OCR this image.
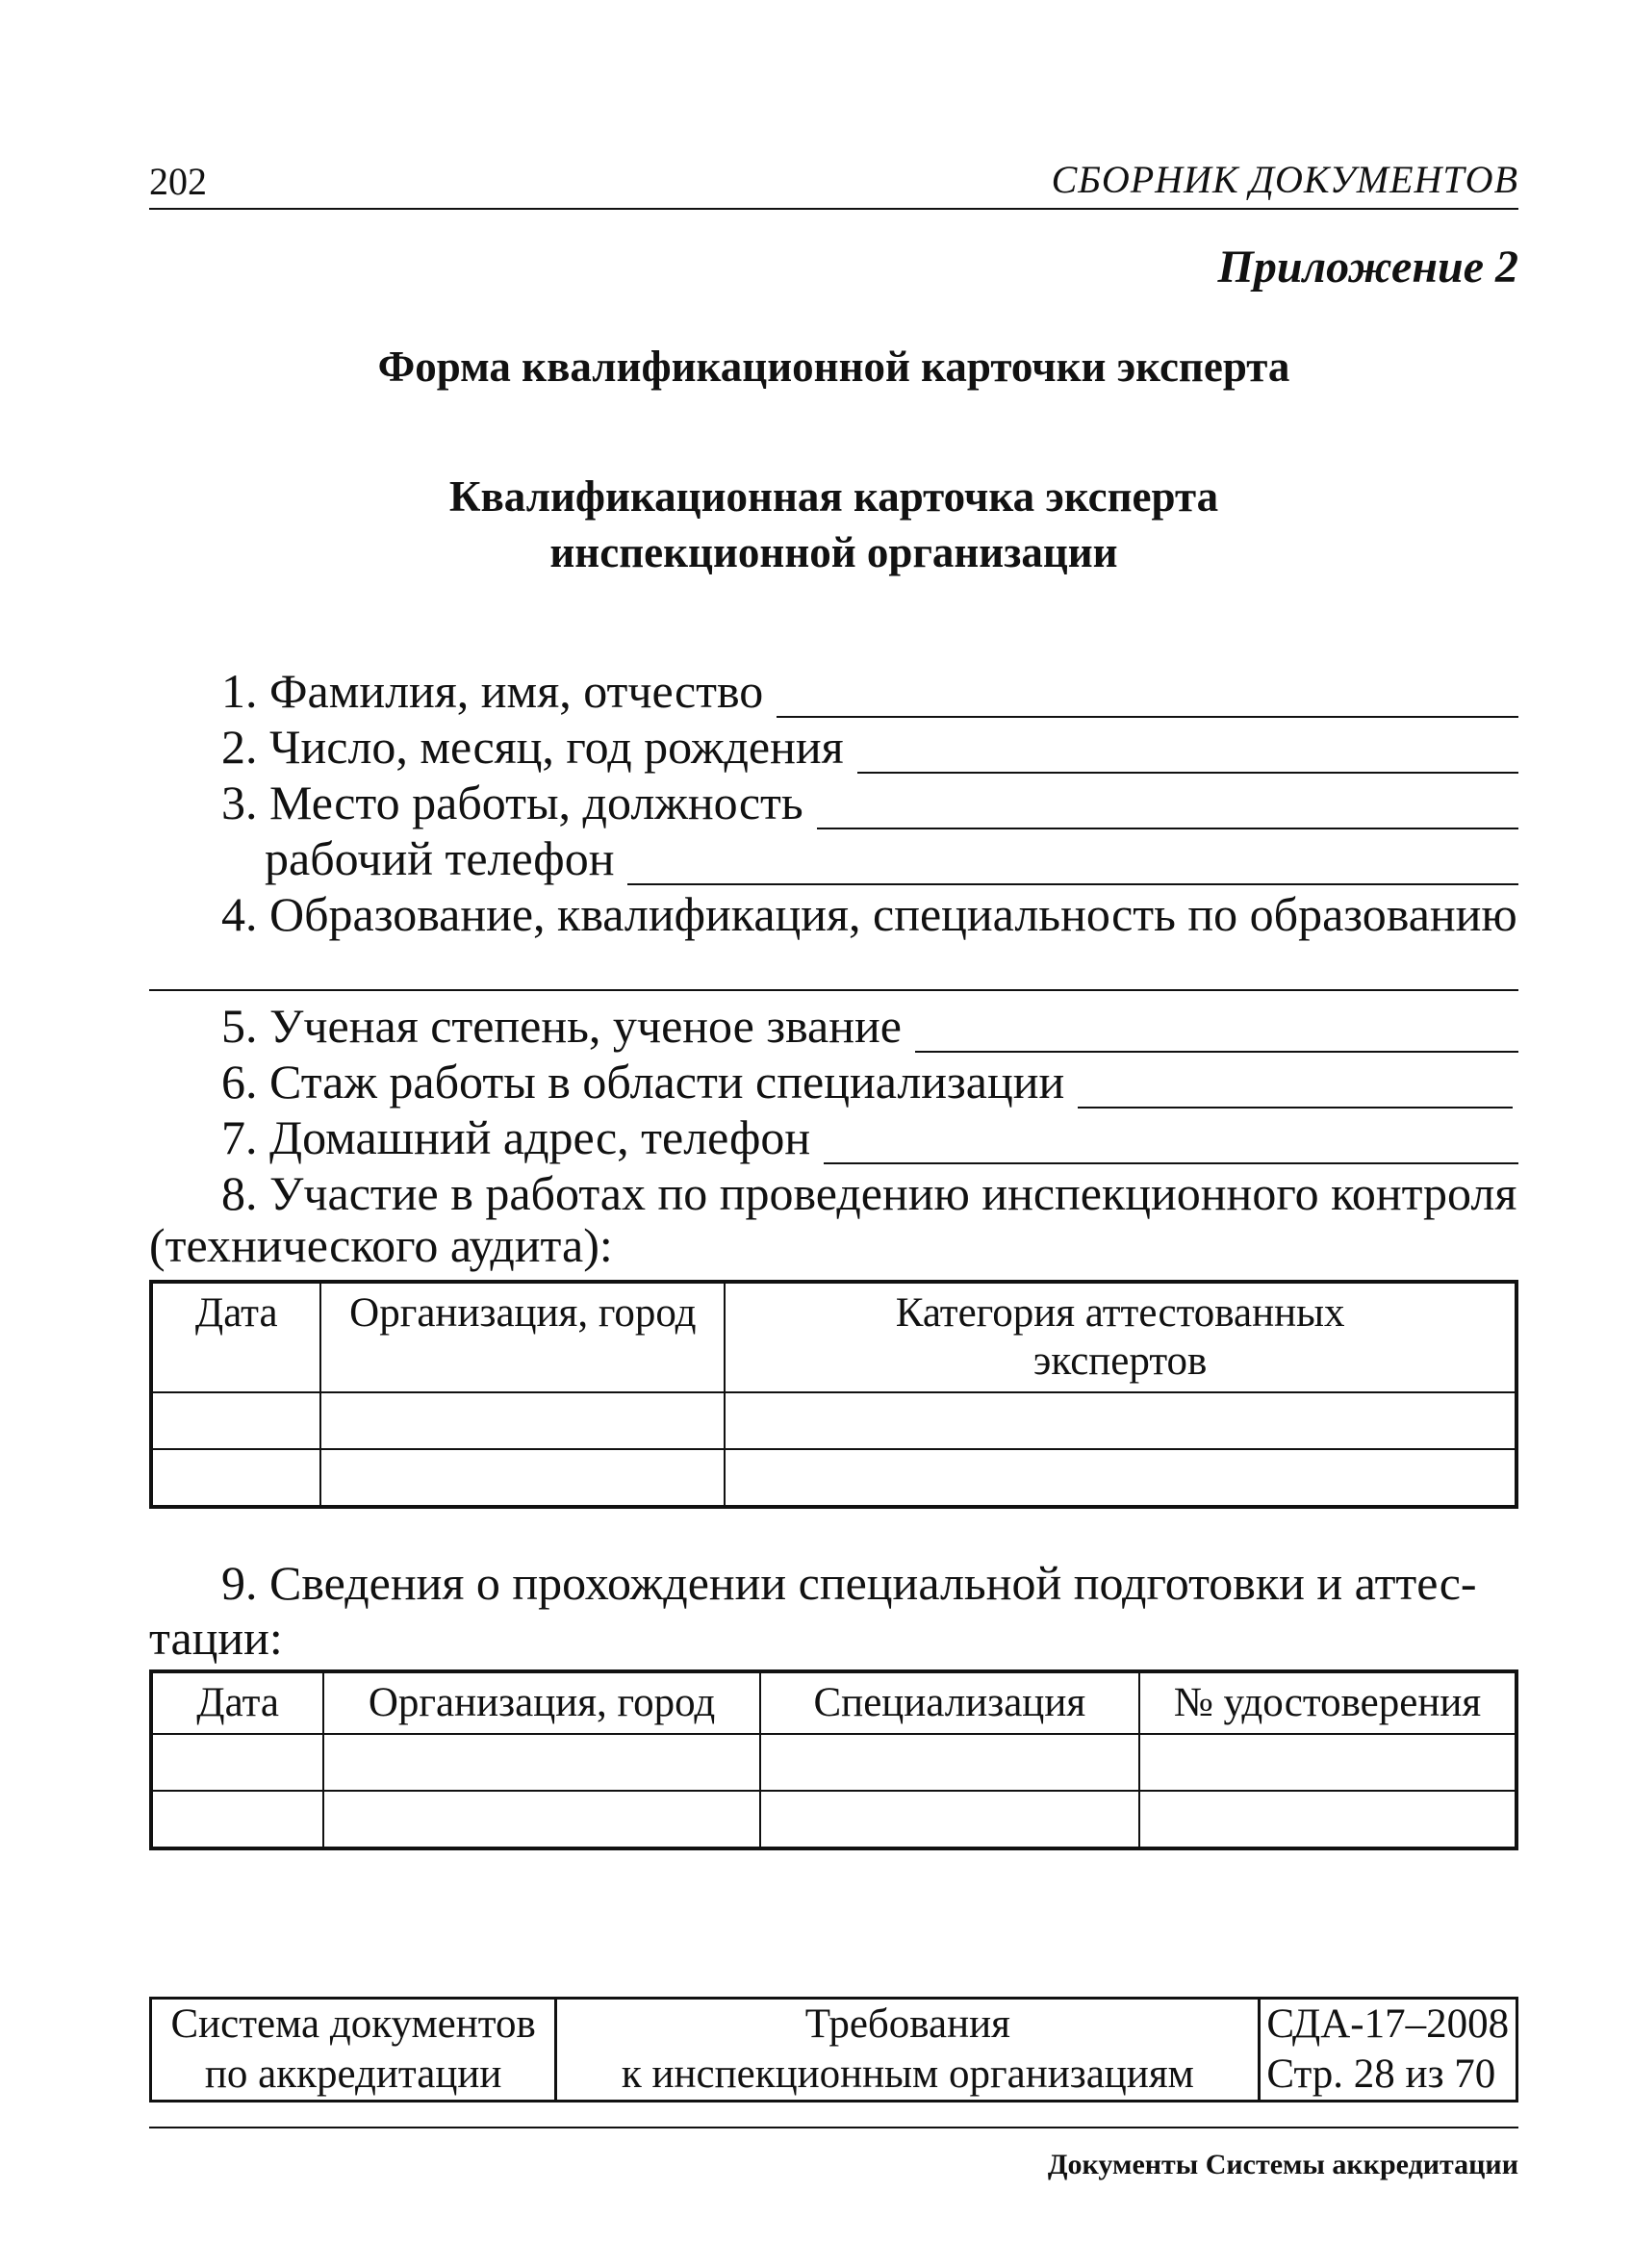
202	СБОРНИК ДОКУМЕНТОВ
Приложение 2
Форма квалификационной карточки эксперта
Квалификационная карточка эксперта
инспекционной организации
1. Фамилия, имя, отчество
2. Число, месяц, год рождения
3. Место работы, должность
рабочий телефон
4. Образование, квалификация, специальность по образованию
5. Ученая степень, ученое звание
6. Стаж работы в области специализации
7. Домашний адрес, телефон
8. Участие в работах по проведению инспекционного контроля
(технического аудита):
Дата	Организация, город	Категория аттестованных экспертов

9. Сведения о прохождении специальной подготовки и аттес-
тации:
Дата	Организация, город	Специализация	№ удостоверения

Система документов
по аккредитации

Требования
к инспекционным организациям

СДА-17–2008
Стр. 28 из 70
Документы Системы аккредитации
